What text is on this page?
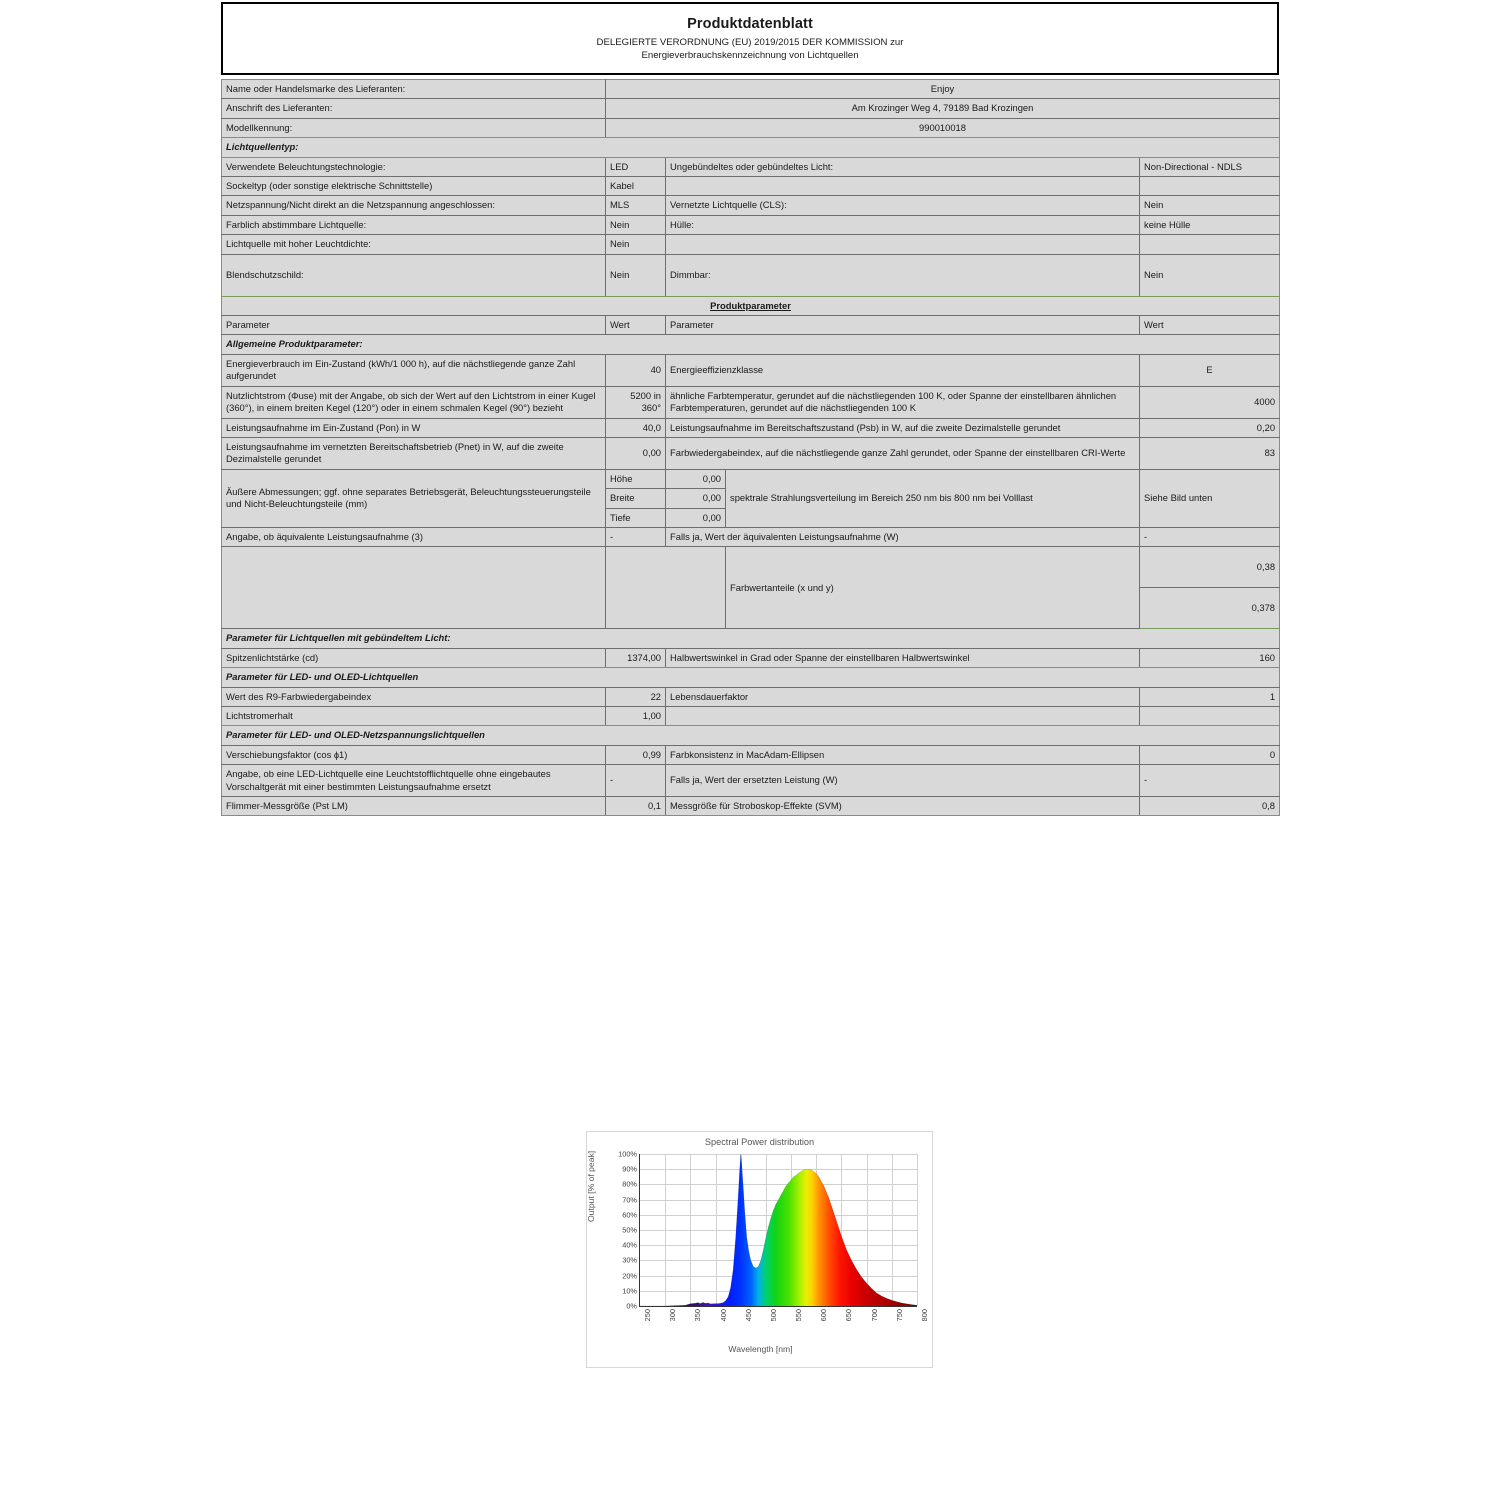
Produktdatenblatt
DELEGIERTE VERORDNUNG (EU) 2019/2015 DER KOMMISSION zur
Energieverbrauchskennzeichnung von Lichtquellen
Name oder Handelsmarke des Lieferanten:	Enjoy			
Anschrift des Lieferanten:	Am Krozinger Weg 4, 79189 Bad Krozingen			
Modellkennung:	990010018			
Lichtquellentyp:				
Verwendete Beleuchtungstechnologie:	LED	Ungebündeltes oder gebündeltes Licht:		Non-Directional - NDLS
Sockeltyp (oder sonstige elektrische Schnittstelle)	Kabel			
Netzspannung/Nicht direkt an die Netzspannung angeschlossen:	MLS	Vernetzte Lichtquelle (CLS):		Nein
Farblich abstimmbare Lichtquelle:	Nein	Hülle:		keine Hülle
Lichtquelle mit hoher Leuchtdichte:	Nein			
Blendschutzschild:	Nein	Dimmbar:		Nein
Produktparameter				
Parameter	Wert	Parameter		Wert
Allgemeine Produktparameter:				
Energieverbrauch im Ein-Zustand (kWh/1 000 h), auf die nächstliegende ganze Zahl aufgerundet	40	Energieeffizienzklasse		E
Nutzlichtstrom (Φuse) mit der Angabe, ob sich der Wert auf den Lichtstrom in einer Kugel (360°), in einem breiten Kegel (120°) oder in einem schmalen Kegel (90°) bezieht	5200 in 360°	ähnliche Farbtemperatur, gerundet auf die nächstliegenden 100 K, oder Spanne der einstellbaren ähnlichen Farbtemperaturen, gerundet auf die nächstliegenden 100 K		4000
Leistungsaufnahme im Ein-Zustand (Pon) in W	40,0	Leistungsaufnahme im Bereitschaftszustand (Psb) in W, auf die zweite Dezimalstelle gerundet		0,20
Leistungsaufnahme im vernetzten Bereitschaftsbetrieb (Pnet) in W, auf die zweite Dezimalstelle gerundet	0,00	Farbwiedergabeindex, auf die nächstliegende ganze Zahl gerundet, oder Spanne der einstellbaren CRI-Werte		83
Äußere Abmessungen; ggf. ohne separates Betriebsgerät, Beleuchtungssteuerungsteile und Nicht-Beleuchtungsteile (mm)	Höhe	0,00	spektrale Strahlungsverteilung im Bereich 250 nm bis 800 nm bei Volllast	Siehe Bild unten
	Breite	0,00		
	Tiefe	0,00		
Angabe, ob äquivalente Leistungsaufnahme (3)	-	Falls ja, Wert der äquivalenten Leistungsaufnahme (W)		-
			Farbwertanteile (x und y)	0,38
				0,378
Parameter für Lichtquellen mit gebündeltem Licht:				
Spitzenlichtstärke (cd)	1374,00	Halbwertswinkel in Grad oder Spanne der einstellbaren Halbwertswinkel		160
Parameter für LED- und OLED-Lichtquellen				
Wert des R9-Farbwiedergabeindex	22	Lebensdauerfaktor		1
Lichtstromerhalt	1,00			
Parameter für LED- und OLED-Netzspannungslichtquellen				
Verschiebungsfaktor (cos ɸ1)	0,99	Farbkonsistenz in MacAdam-Ellipsen		0
Angabe, ob eine LED-Lichtquelle eine Leuchtstofflichtquelle ohne eingebautes Vorschaltgerät mit einer bestimmten Leistungsaufnahme ersetzt	-	Falls ja, Wert der ersetzten Leistung (W)		-
Flimmer-Messgröße (Pst LM)	0,1	Messgröße für Stroboskop-Effekte (SVM)		0,8
Spectral Power distribution
Output [% of peak]
Wavelength [nm]
0%
10%
20%
30%
40%
50%
60%
70%
80%
90%
100%
250 300 350 400 450 500 550 600 650 700 750 800
